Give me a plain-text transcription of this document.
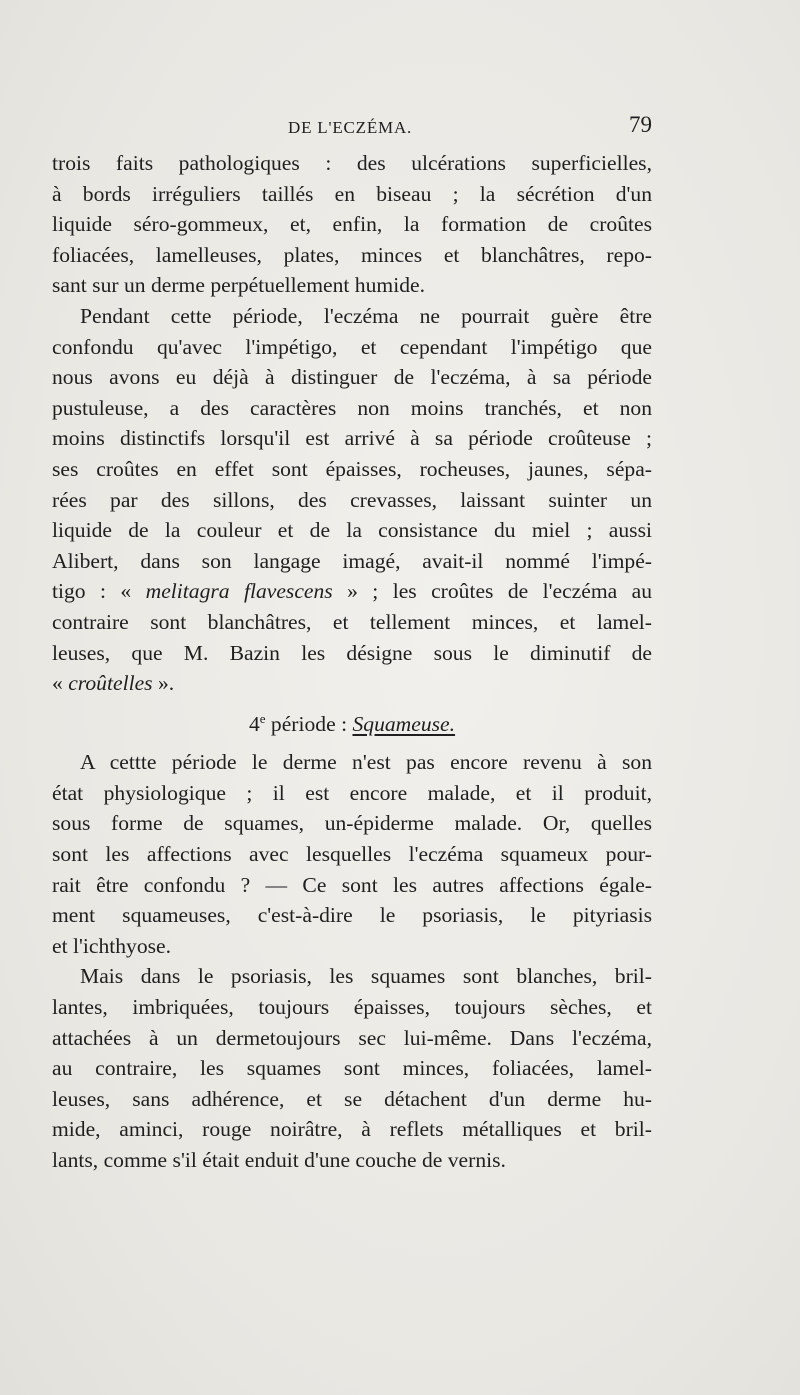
DE L'ECZÉMA.	79
trois faits pathologiques : des ulcérations superficielles,
à bords irréguliers taillés en biseau ; la sécrétion d'un
liquide séro-gommeux, et, enfin, la formation de croûtes
foliacées, lamelleuses, plates, minces et blanchâtres, repo-
sant sur un derme perpétuellement humide.
Pendant cette période, l'eczéma ne pourrait guère être
confondu qu'avec l'impétigo, et cependant l'impétigo que
nous avons eu déjà à distinguer de l'eczéma, à sa période
pustuleuse, a des caractères non moins tranchés, et non
moins distinctifs lorsqu'il est arrivé à sa période croûteuse ;
ses croûtes en effet sont épaisses, rocheuses, jaunes, sépa-
rées par des sillons, des crevasses, laissant suinter un
liquide de la couleur et de la consistance du miel ; aussi
Alibert, dans son langage imagé, avait-il nommé l'impé-
tigo : « melitagra flavescens » ; les croûtes de l'eczéma au
contraire sont blanchâtres, et tellement minces, et lamel-
leuses, que M. Bazin les désigne sous le diminutif de
« croûtelles ».
4e période : Squameuse.
A cettte période le derme n'est pas encore revenu à son
état physiologique ; il est encore malade, et il produit,
sous forme de squames, un-épiderme malade. Or, quelles
sont les affections avec lesquelles l'eczéma squameux pour-
rait être confondu ? — Ce sont les autres affections égale-
ment squameuses, c'est-à-dire le psoriasis, le pityriasis
et l'ichthyose.
Mais dans le psoriasis, les squames sont blanches, bril-
lantes, imbriquées, toujours épaisses, toujours sèches, et
attachées à un dermetoujours sec lui-même. Dans l'eczéma,
au contraire, les squames sont minces, foliacées, lamel-
leuses, sans adhérence, et se détachent d'un derme hu-
mide, aminci, rouge noirâtre, à reflets métalliques et bril-
lants, comme s'il était enduit d'une couche de vernis.
